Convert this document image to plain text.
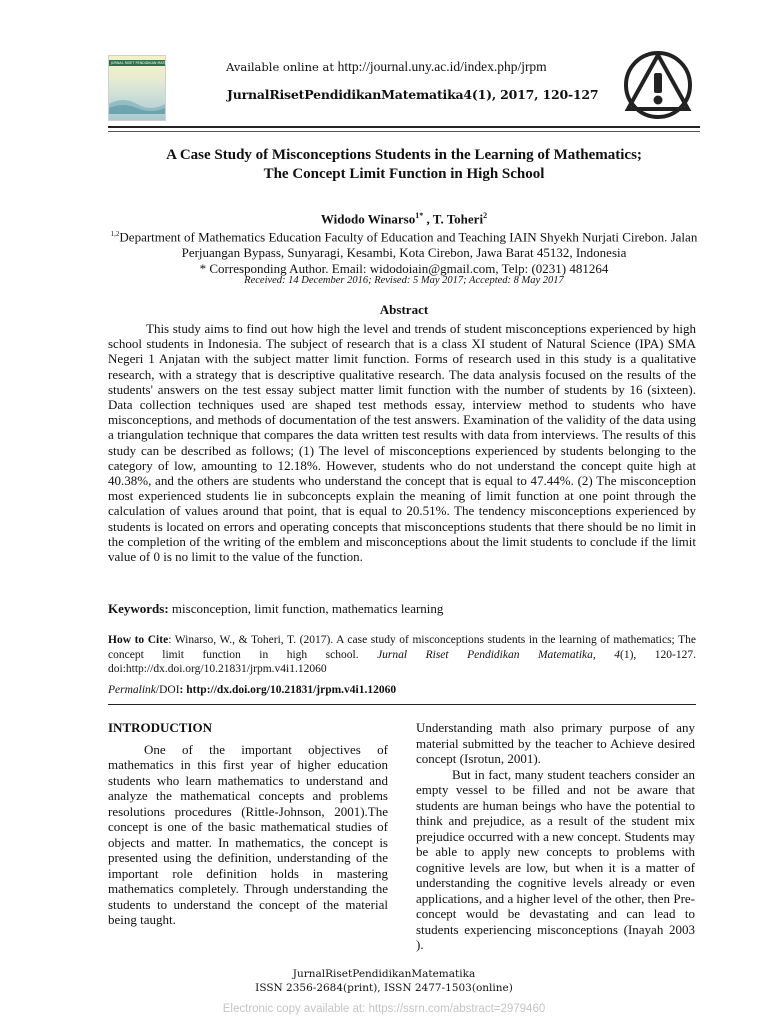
JURNAL RISET PENDIDIKAN MATEMATIKA	Available online at http://journal.uny.ac.id/index.php/jrpm
JurnalRisetPendidikanMatematika4(1), 2017, 120-127
A Case Study of Misconceptions Students in the Learning of Mathematics;
The Concept Limit Function in High School
Widodo Winarso$^{1*}$ , T. Toheri$^2$
$^{1,2}$Department of Mathematics Education Faculty of Education and Teaching IAIN Shyekh Nurjati Cirebon. Jalan Perjuangan Bypass, Sunyaragi, Kesambi, Kota Cirebon, Jawa Barat 45132, Indonesia
* Corresponding Author. Email: widodoiain@gmail.com, Telp: (0231) 481264
Received: 14 December 2016; Revised: 5 May 2017; Accepted: 8 May 2017
Abstract

This study aims to find out how high the level and trends of student misconceptions experienced by high school students in Indonesia. The subject of research that is a class XI student of Natural Science (IPA) SMA Negeri 1 Anjatan with the subject matter limit function. Forms of research used in this study is a qualitative research, with a strategy that is descriptive qualitative research. The data analysis focused on the results of the students' answers on the test essay subject matter limit function with the number of students by 16 (sixteen). Data collection techniques used are shaped test methods essay, interview method to students who have misconceptions, and methods of documentation of the test answers. Examination of the validity of the data using a triangulation technique that compares the data written test results with data from interviews. The results of this study can be described as follows; (1) The level of misconceptions experienced by students belonging to the category of low, amounting to 12.18%. However, students who do not understand the concept quite high at 40.38%, and the others are students who understand the concept that is equal to 47.44%. (2) The misconception most experienced students lie in subconcepts explain the meaning of limit function at one point through the calculation of values around that point, that is equal to 20.51%. The tendency misconceptions experienced by students is located on errors and operating concepts that misconceptions students that there should be no limit in the completion of the writing of the emblem and misconceptions about the limit students to conclude if the limit value of 0 is no limit to the value of the function.

Keywords: misconception, limit function, mathematics learning

How to Cite: Winarso, W., & Toheri, T. (2017). A case study of misconceptions students in the learning of mathematics; The concept limit function in high school. Jurnal Riset Pendidikan Matematika, 4(1), 120-127. doi:http://dx.doi.org/10.21831/jrpm.v4i1.12060

Permalink/DOI: http://dx.doi.org/10.21831/jrpm.v4i1.12060
INTRODUCTION

One of the important objectives of mathematics in this first year of higher education students who learn mathematics to understand and analyze the mathematical concepts and problems resolutions procedures (Rittle-Johnson, 2001).The concept is one of the basic mathematical studies of objects and matter. In mathematics, the concept is presented using the definition, understanding of the important role definition holds in mastering mathematics completely. Through understanding the students to understand the concept of the material being taught.

Understanding math also primary purpose of any material submitted by the teacher to Achieve desired concept (Isrotun, 2001).

But in fact, many student teachers consider an empty vessel to be filled and not be aware that students are human beings who have the potential to think and prejudice, as a result of the student mix prejudice occurred with a new concept. Students may be able to apply new concepts to problems with cognitive levels are low, but when it is a matter of understanding the cognitive levels already or even applications, and a higher level of the other, then Pre-concept would be devastating and can lead to students experiencing misconceptions (Inayah 2003 ).

JurnalRisetPendidikanMatematika
ISSN 2356-2684(print), ISSN 2477-1503(online)
Electronic copy available at: https://ssrn.com/abstract=2979460
